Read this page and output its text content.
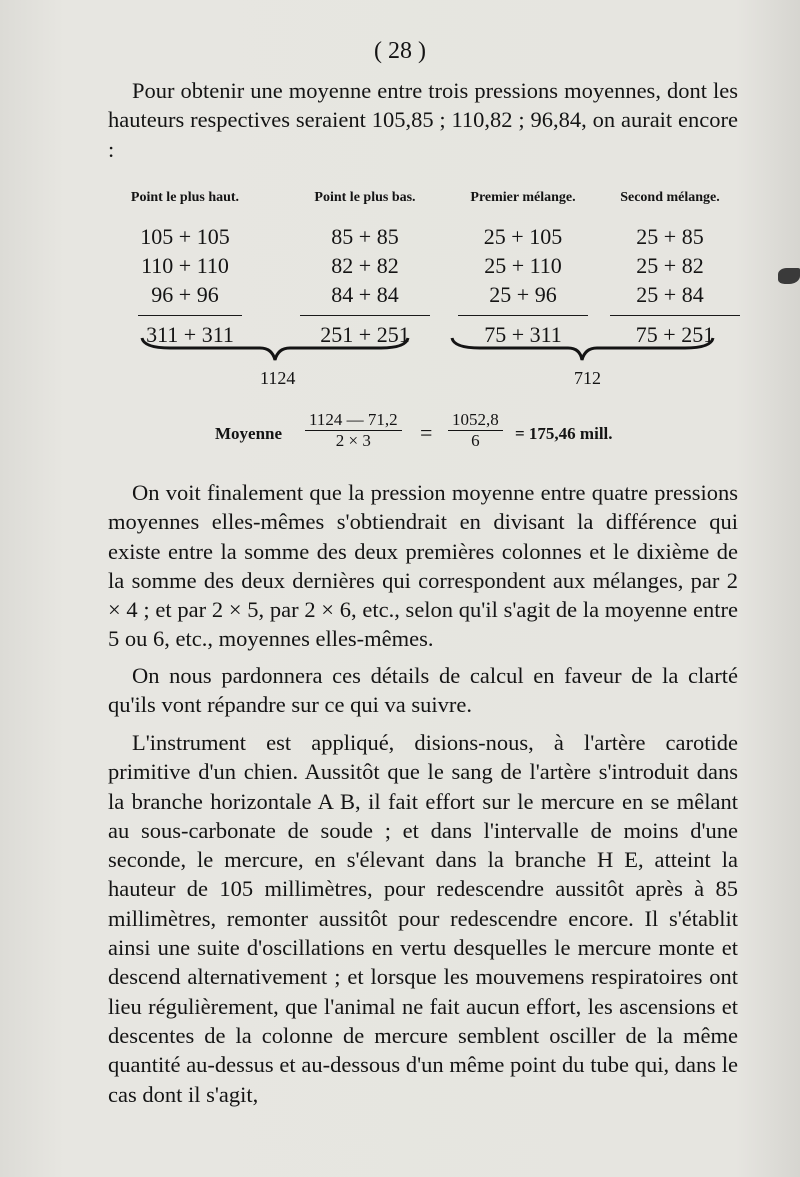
( 28 )
Pour obtenir une moyenne entre trois pressions moyennes, dont les hauteurs respectives seraient 105,85 ; 110,82 ; 96,84, on aurait encore :
Point le plus haut.
105 + 105
110 + 110
96 + 96
311 + 311
Point le plus bas.
85 + 85
82 + 82
84 + 84
251 + 251
Premier mélange.
25 + 105
25 + 110
25 + 96
75 + 311
Second mélange.
25 + 85
25 + 82
25 + 84
75 + 251
1124	712
Moyenne $\frac{1124 — 71,2}{2 \times 3} = \frac{1052,8}{6} = 175,46$ mill.
On voit finalement que la pression moyenne entre quatre pressions moyennes elles-mêmes s'obtiendrait en divisant la différence qui existe entre la somme des deux premières colonnes et le dixième de la somme des deux dernières qui correspondent aux mélanges, par 2 × 4 ; et par 2 × 5, par 2 × 6, etc., selon qu'il s'agit de la moyenne entre 5 ou 6, etc., moyennes elles-mêmes.
On nous pardonnera ces détails de calcul en faveur de la clarté qu'ils vont répandre sur ce qui va suivre.
L'instrument est appliqué, disions-nous, à l'artère carotide primitive d'un chien. Aussitôt que le sang de l'artère s'introduit dans la branche horizontale A B, il fait effort sur le mercure en se mêlant au sous-carbonate de soude ; et dans l'intervalle de moins d'une seconde, le mercure, en s'élevant dans la branche H E, atteint la hauteur de 105 millimètres, pour redescendre aussitôt après à 85 millimètres, remonter aussitôt pour redescendre encore. Il s'établit ainsi une suite d'oscillations en vertu desquelles le mercure monte et descend alternativement ; et lorsque les mouvemens respiratoires ont lieu régulièrement, que l'animal ne fait aucun effort, les ascensions et descentes de la colonne de mercure semblent osciller de la même quantité au-dessus et au-dessous d'un même point du tube qui, dans le cas dont il s'agit,
